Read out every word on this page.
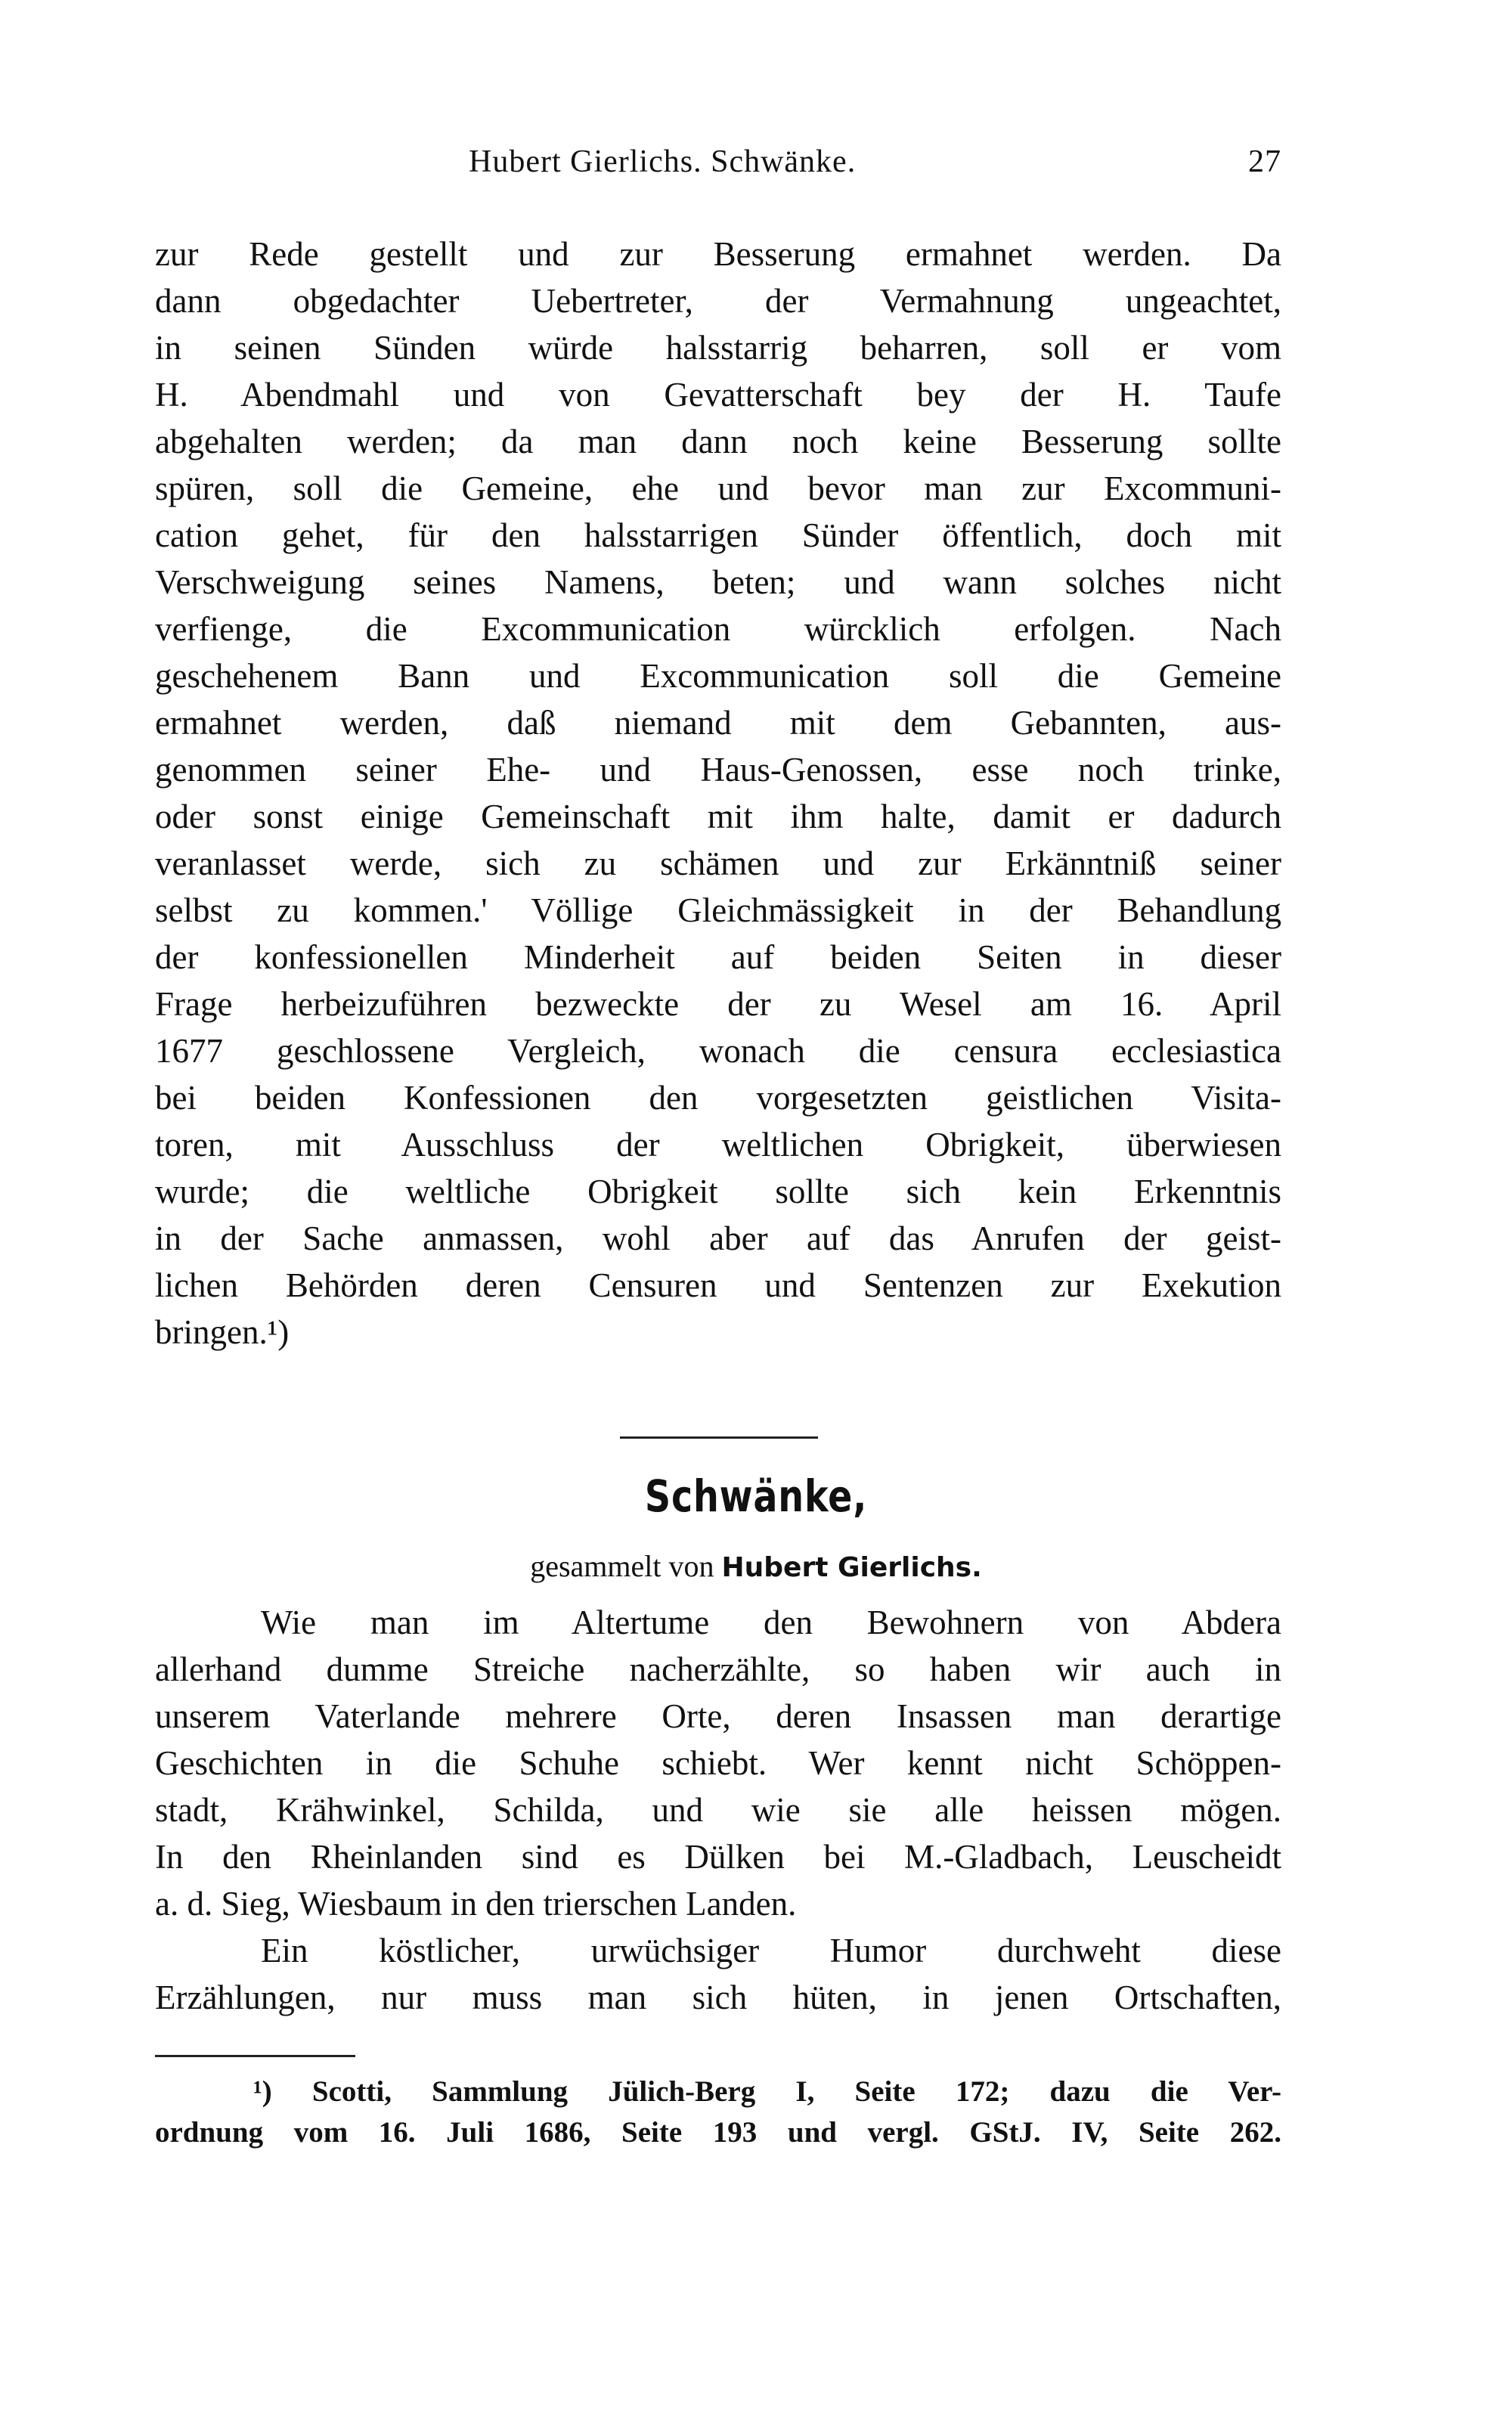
Hubert Gierlichs. Schwänke.	27
zur Rede gestellt und zur Besserung ermahnet werden. Da
dann obgedachter Uebertreter, der Vermahnung ungeachtet,
in seinen Sünden würde halsstarrig beharren, soll er vom
H. Abendmahl und von Gevatterschaft bey der H. Taufe
abgehalten werden; da man dann noch keine Besserung sollte
spüren, soll die Gemeine, ehe und bevor man zur Excommuni-
cation gehet, für den halsstarrigen Sünder öffentlich, doch mit
Verschweigung seines Namens, beten; und wann solches nicht
verfienge, die Excommunication würcklich erfolgen. Nach
geschehenem Bann und Excommunication soll die Gemeine
ermahnet werden, daß niemand mit dem Gebannten, aus-
genommen seiner Ehe- und Haus-Genossen, esse noch trinke,
oder sonst einige Gemeinschaft mit ihm halte, damit er dadurch
veranlasset werde, sich zu schämen und zur Erkänntniß seiner
selbst zu kommen.' Völlige Gleichmässigkeit in der Behandlung
der konfessionellen Minderheit auf beiden Seiten in dieser
Frage herbeizuführen bezweckte der zu Wesel am 16. April
1677 geschlossene Vergleich, wonach die censura ecclesiastica
bei beiden Konfessionen den vorgesetzten geistlichen Visita-
toren, mit Ausschluss der weltlichen Obrigkeit, überwiesen
wurde; die weltliche Obrigkeit sollte sich kein Erkenntnis
in der Sache anmassen, wohl aber auf das Anrufen der geist-
lichen Behörden deren Censuren und Sentenzen zur Exekution
bringen.¹)
Schwänke,
gesammelt von Hubert Gierlichs.
Wie man im Altertume den Bewohnern von Abdera
allerhand dumme Streiche nacherzählte, so haben wir auch in
unserem Vaterlande mehrere Orte, deren Insassen man derartige
Geschichten in die Schuhe schiebt. Wer kennt nicht Schöppen-
stadt, Krähwinkel, Schilda, und wie sie alle heissen mögen.
In den Rheinlanden sind es Dülken bei M.-Gladbach, Leuscheidt
a. d. Sieg, Wiesbaum in den trierschen Landen.
Ein köstlicher, urwüchsiger Humor durchweht diese
Erzählungen, nur muss man sich hüten, in jenen Ortschaften,
¹) Scotti, Sammlung Jülich-Berg I, Seite 172; dazu die Ver-
ordnung vom 16. Juli 1686, Seite 193 und vergl. GStJ. IV, Seite 262.
